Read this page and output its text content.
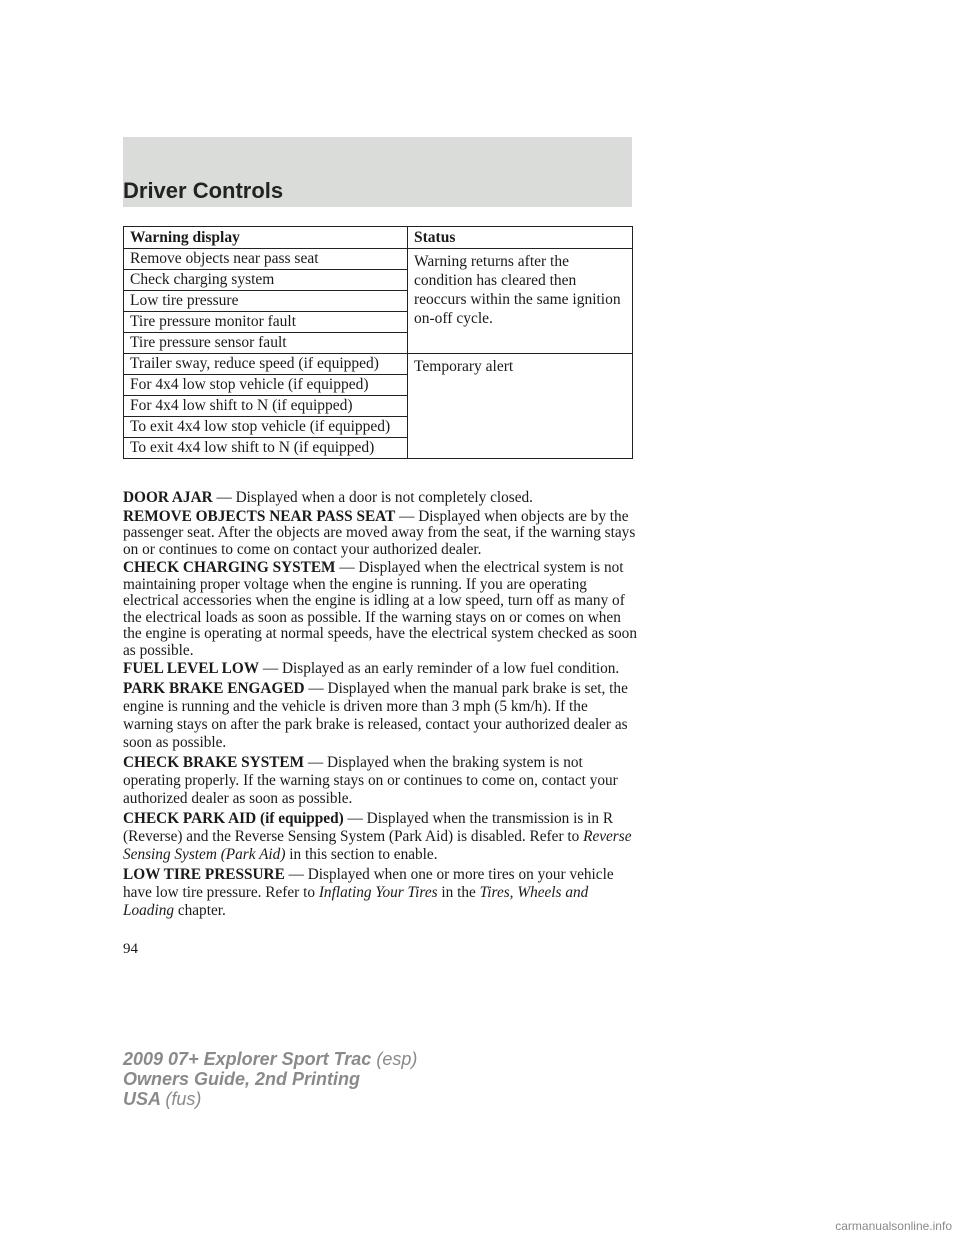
Driver Controls
Warning display	Status
Remove objects near pass seat	Warning returns after the condition has cleared then reoccurs within the same ignition on-off cycle.
Check charging system	
Low tire pressure	
Tire pressure monitor fault	
Tire pressure sensor fault	
Trailer sway, reduce speed (if equipped)	Temporary alert
For 4x4 low stop vehicle (if equipped)	
For 4x4 low shift to N (if equipped)	
To exit 4x4 low stop vehicle (if equipped)	
To exit 4x4 low shift to N (if equipped)	

DOOR AJAR — Displayed when a door is not completely closed.

REMOVE OBJECTS NEAR PASS SEAT — Displayed when objects are by the passenger seat. After the objects are moved away from the seat, if the warning stays on or continues to come on contact your authorized dealer.

CHECK CHARGING SYSTEM — Displayed when the electrical system is not maintaining proper voltage when the engine is running. If you are operating electrical accessories when the engine is idling at a low speed, turn off as many of the electrical loads as soon as possible. If the warning stays on or comes on when the engine is operating at normal speeds, have the electrical system checked as soon as possible.

FUEL LEVEL LOW — Displayed as an early reminder of a low fuel condition.

PARK BRAKE ENGAGED — Displayed when the manual park brake is set, the engine is running and the vehicle is driven more than 3 mph (5 km/h). If the warning stays on after the park brake is released, contact your authorized dealer as soon as possible.

CHECK BRAKE SYSTEM — Displayed when the braking system is not operating properly. If the warning stays on or continues to come on, contact your authorized dealer as soon as possible.

CHECK PARK AID (if equipped) — Displayed when the transmission is in R (Reverse) and the Reverse Sensing System (Park Aid) is disabled. Refer to Reverse Sensing System (Park Aid) in this section to enable.

LOW TIRE PRESSURE — Displayed when one or more tires on your vehicle have low tire pressure. Refer to Inflating Your Tires in the Tires, Wheels and Loading chapter.

94
2009 07+ Explorer Sport Trac (esp)
Owners Guide, 2nd Printing
USA (fus)
carmanualsonline.info
